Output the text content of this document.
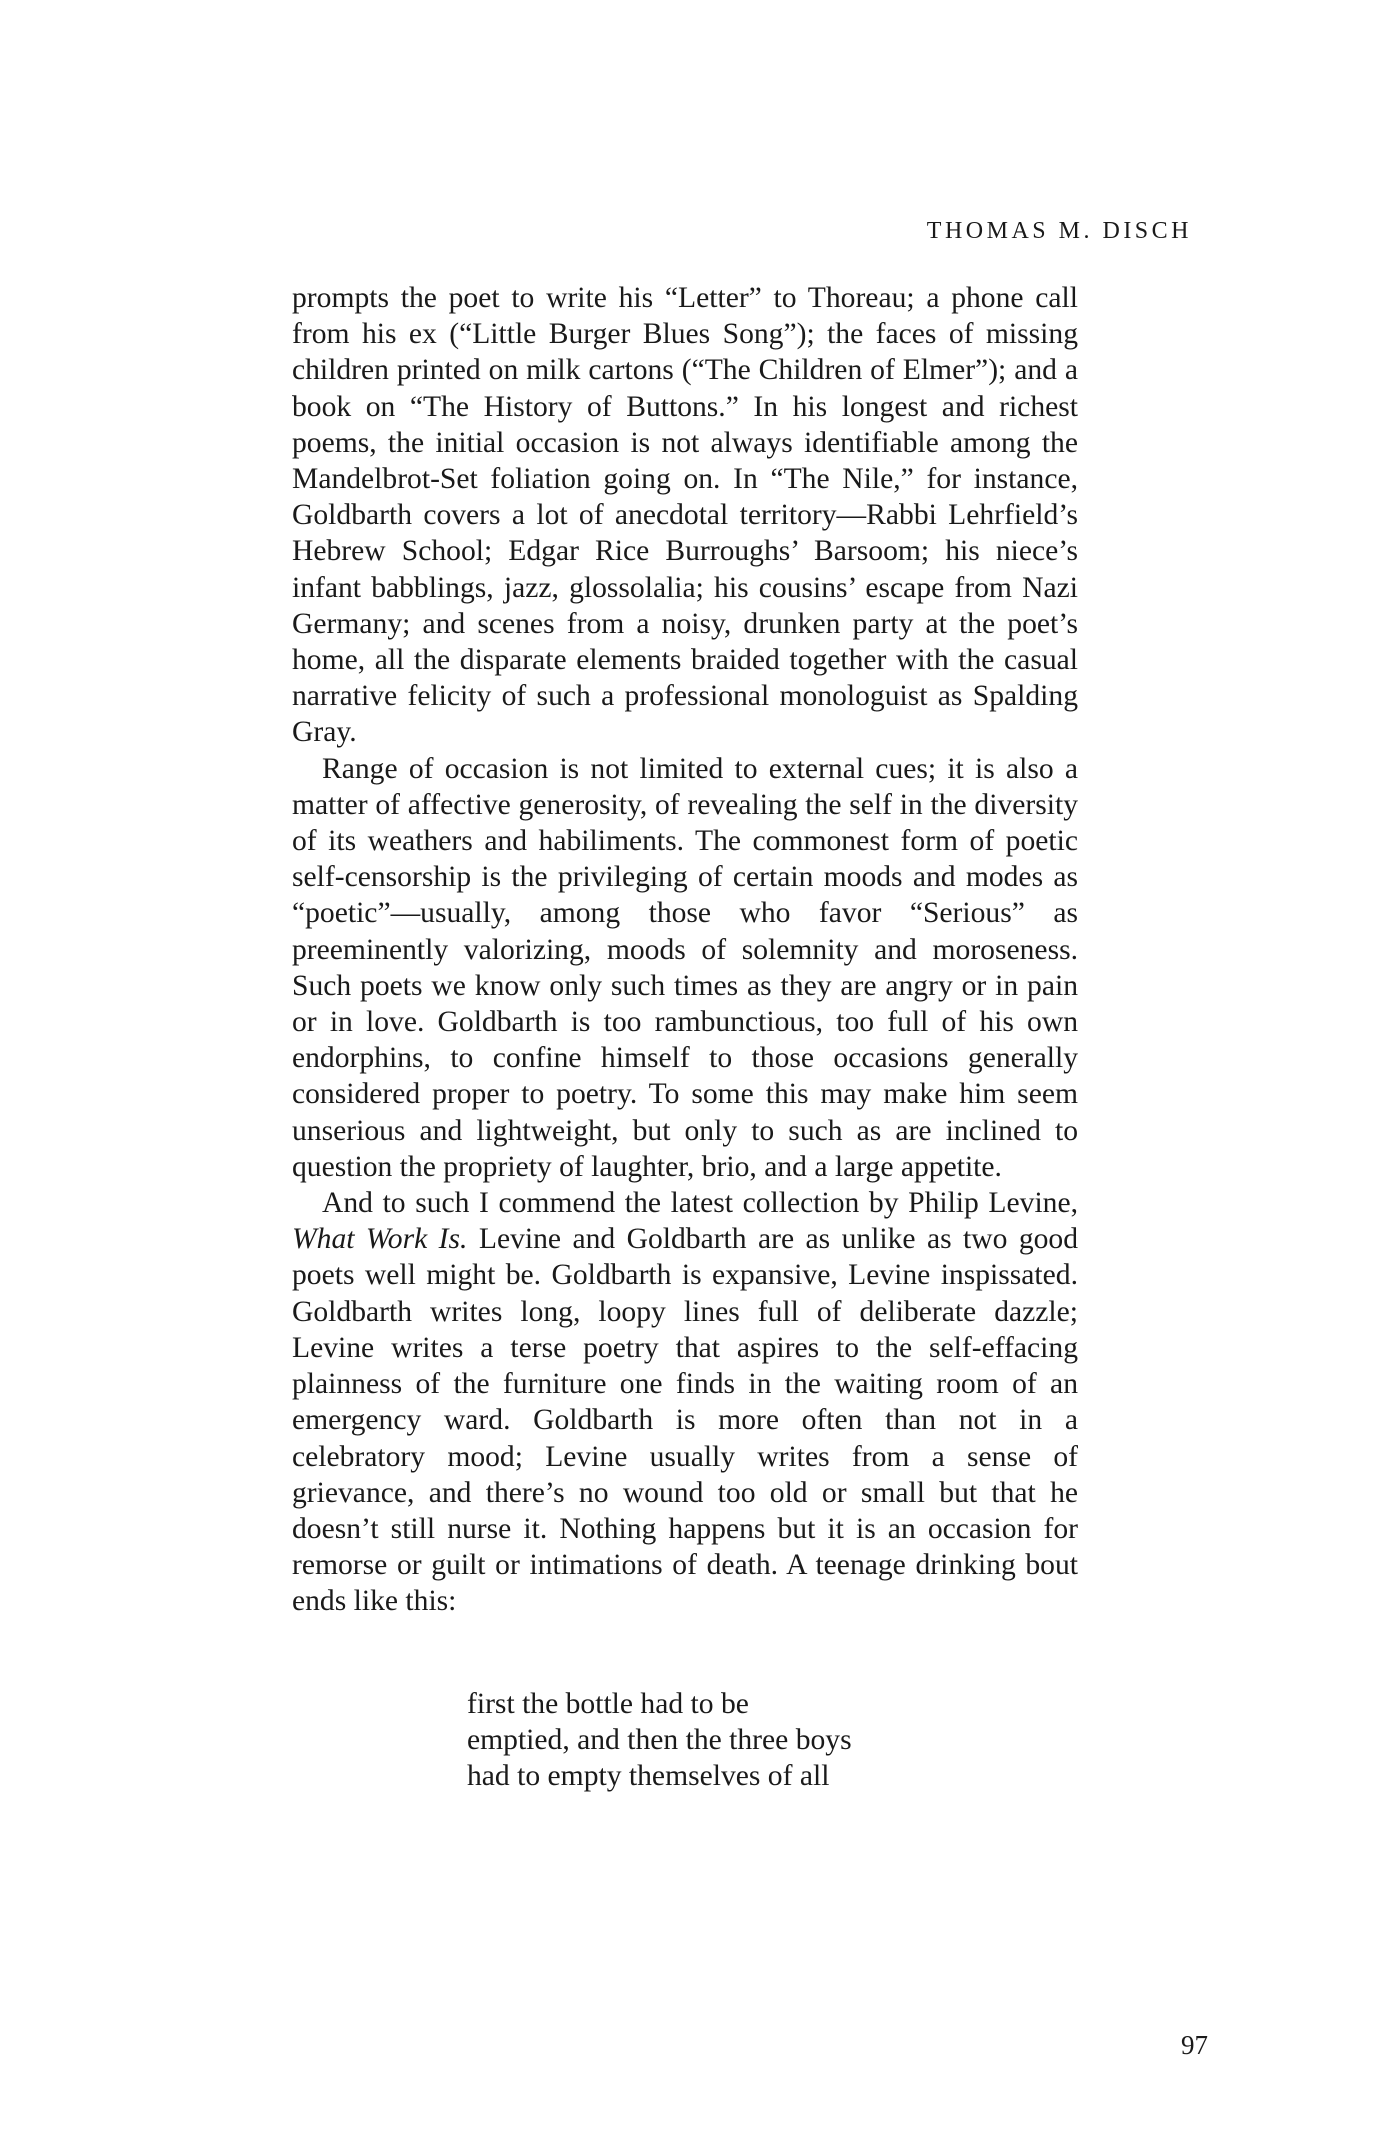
THOMAS M. DISCH

prompts the poet to write his “Letter” to Thoreau; a phone call from his ex (“Little Burger Blues Song”); the faces of missing children printed on milk cartons (“The Children of Elmer”); and a book on “The History of Buttons.” In his longest and richest poems, the initial occasion is not always identifiable among the Mandelbrot-Set foliation going on. In “The Nile,” for instance, Goldbarth covers a lot of anecdotal territory—Rabbi Lehrfield’s Hebrew School; Edgar Rice Burroughs’ Barsoom; his niece’s infant babblings, jazz, glossolalia; his cousins’ escape from Nazi Germany; and scenes from a noisy, drunken party at the poet’s home, all the disparate elements braided together with the casual narrative felicity of such a professional monologuist as Spalding Gray.

Range of occasion is not limited to external cues; it is also a matter of affective generosity, of revealing the self in the diversity of its weathers and habiliments. The commonest form of poetic self-censorship is the privileging of certain moods and modes as “poetic”—usually, among those who favor “Serious” as preeminently valorizing, moods of solemnity and moroseness. Such poets we know only such times as they are angry or in pain or in love. Goldbarth is too rambunctious, too full of his own endorphins, to confine himself to those occasions generally considered proper to poetry. To some this may make him seem unserious and lightweight, but only to such as are inclined to question the propriety of laughter, brio, and a large appetite.

And to such I commend the latest collection by Philip Levine, What Work Is. Levine and Goldbarth are as unlike as two good poets well might be. Goldbarth is expansive, Levine inspissated. Goldbarth writes long, loopy lines full of deliberate dazzle; Levine writes a terse poetry that aspires to the self-effacing plainness of the furniture one finds in the waiting room of an emergency ward. Goldbarth is more often than not in a celebratory mood; Levine usually writes from a sense of grievance, and there’s no wound too old or small but that he doesn’t still nurse it. Nothing happens but it is an occasion for remorse or guilt or intimations of death. A teenage drinking bout ends like this:

first the bottle had to be
emptied, and then the three boys
had to empty themselves of all

97
